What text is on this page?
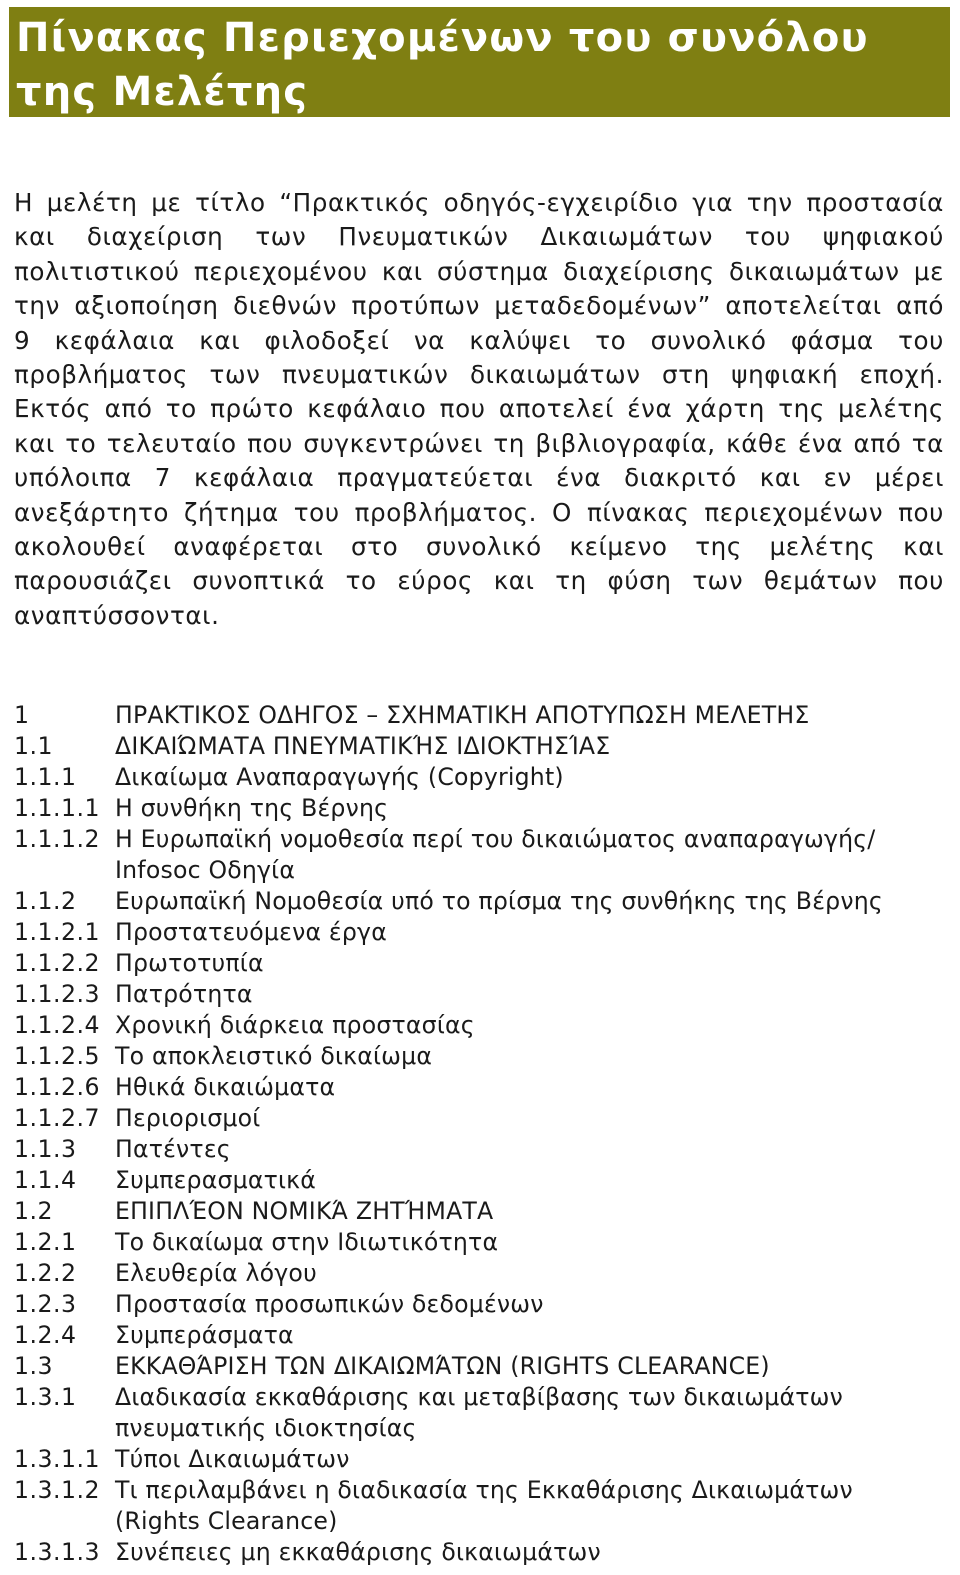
Πίνακας Περιεχομένων του συνόλου
της Μελέτης

Η μελέτη με τίτλο “Πρακτικός οδηγός-εγχειρίδιο για την προστασία και διαχείριση των Πνευματικών Δικαιωμάτων του ψηφιακού πολιτιστικού περιεχομένου και σύστημα διαχείρισης δικαιωμάτων με την αξιοποίηση διεθνών προτύπων μεταδεδομένων” αποτελείται από 9 κεφάλαια και φιλοδοξεί να καλύψει το συνολικό φάσμα του προβλήματος των πνευματικών δικαιωμάτων στη ψηφιακή εποχή. Εκτός από το πρώτο κεφάλαιο που αποτελεί ένα χάρτη της μελέτης και το τελευταίο που συγκεντρώνει τη βιβλιογραφία, κάθε ένα από τα υπόλοιπα 7 κεφάλαια πραγματεύεται ένα διακριτό και εν μέρει ανεξάρτητο ζήτημα του προβλήματος. Ο πίνακας περιεχομένων που ακολουθεί αναφέρεται στο συνολικό κείμενο της μελέτης και παρουσιάζει συνοπτικά το εύρος και τη φύση των θεμάτων που αναπτύσσονται.

1	ΠΡΑΚΤΙΚΟΣ ΟΔΗΓΟΣ – ΣΧΗΜΑΤΙΚΗ ΑΠΟΤΥΠΩΣΗ ΜΕΛΕΤΗΣ
1.1	ΔΙΚΑΙΏΜΑΤΑ ΠΝΕΥΜΑΤΙΚΉΣ ΙΔΙΟΚΤΗΣΊΑΣ
1.1.1	Δικαίωμα Αναπαραγωγής (Copyright)
1.1.1.1 Η συνθήκη της Βέρνης
1.1.1.2 Η Ευρωπαϊκή νομοθεσία περί του δικαιώματος αναπαραγωγής/ Infosoc Οδηγία
1.1.2	Ευρωπαϊκή Νομοθεσία υπό το πρίσμα της συνθήκης της Βέρνης
1.1.2.1 Προστατευόμενα έργα
1.1.2.2 Πρωτοτυπία
1.1.2.3 Πατρότητα
1.1.2.4 Χρονική διάρκεια προστασίας
1.1.2.5 Το αποκλειστικό δικαίωμα
1.1.2.6 Ηθικά δικαιώματα
1.1.2.7 Περιορισμοί
1.1.3	Πατέντες
1.1.4	Συμπερασματικά
1.2	ΕΠΙΠΛΈΟΝ ΝΟΜΙΚΆ ΖΗΤΉΜΑΤΑ
1.2.1	Το δικαίωμα στην Ιδιωτικότητα
1.2.2	Ελευθερία λόγου
1.2.3	Προστασία προσωπικών δεδομένων
1.2.4	Συμπεράσματα
1.3	ΕΚΚΑΘΆΡΙΣΗ ΤΩΝ ΔΙΚΑΙΩΜΆΤΩΝ (RIGHTS CLEARANCE)
1.3.1	Διαδικασία εκκαθάρισης και μεταβίβασης των δικαιωμάτων πνευματικής ιδιοκτησίας
1.3.1.1 Τύποι Δικαιωμάτων
1.3.1.2 Τι περιλαμβάνει η διαδικασία της Εκκαθάρισης Δικαιωμάτων (Rights Clearance)
1.3.1.3 Συνέπειες μη εκκαθάρισης δικαιωμάτων
